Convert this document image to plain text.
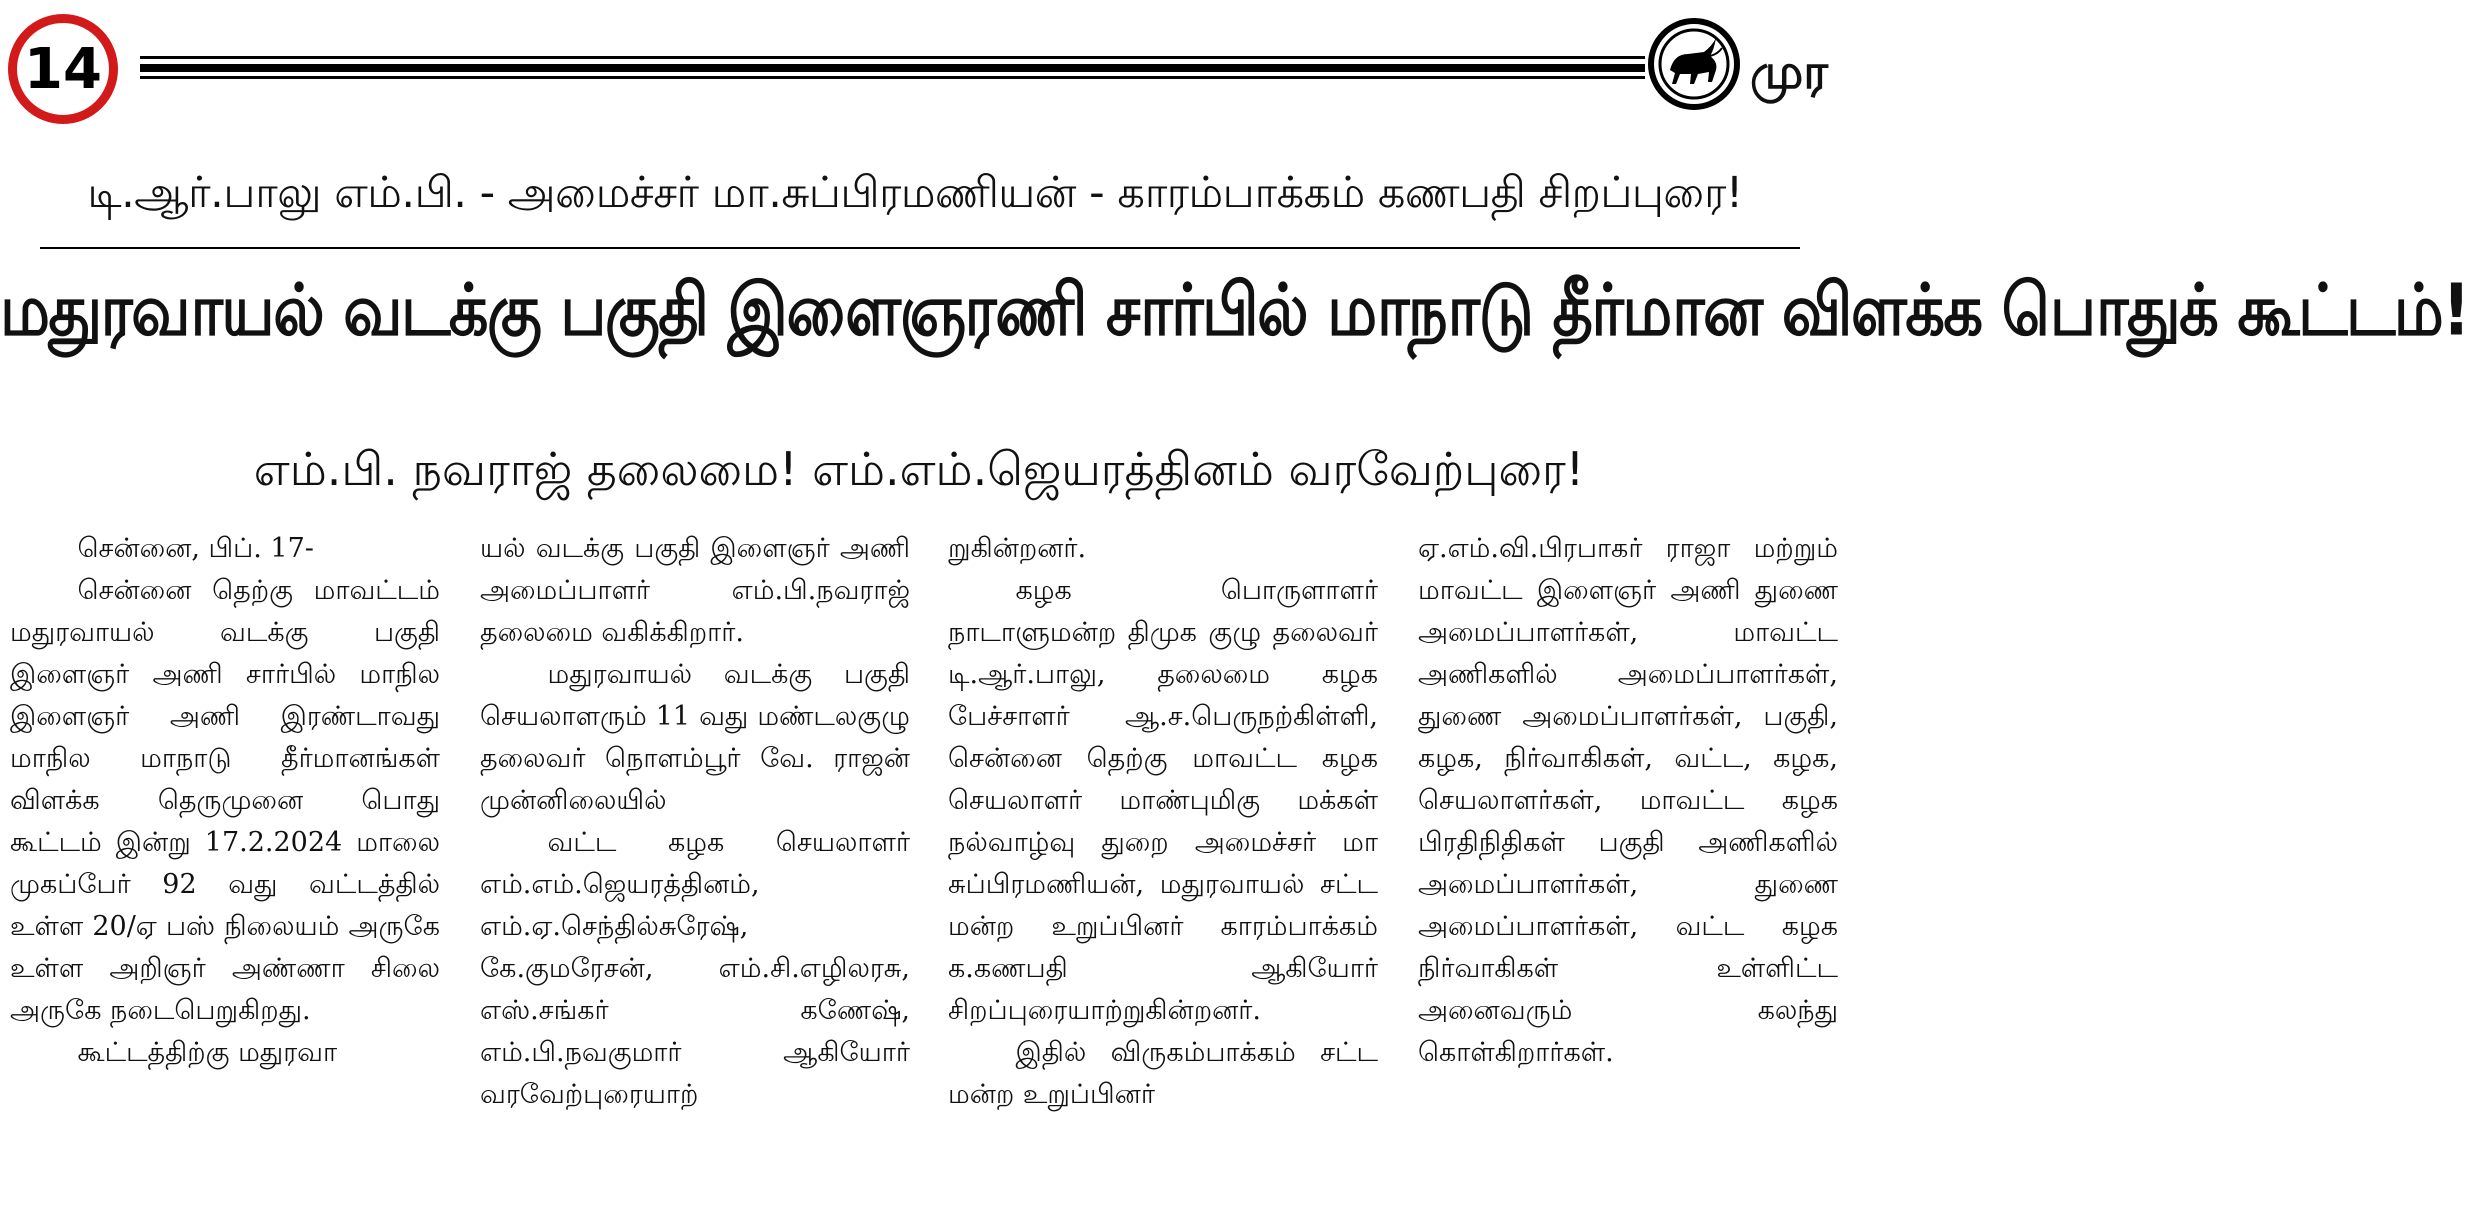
14	முர
டி.ஆர்.பாலு எம்.பி. - அமைச்சர் மா.சுப்பிரமணியன் - காரம்பாக்கம் கணபதி சிறப்புரை!
மதுரவாயல் வடக்கு பகுதி இளைஞரணி சார்பில் மாநாடு தீர்மான விளக்க பொதுக் கூட்டம்!
எம்.பி. நவராஜ் தலைமை! எம்.எம்.ஜெயரத்தினம் வரவேற்புரை!

சென்னை, பிப். 17-

சென்னை தெற்கு மாவட்டம் மதுரவாயல் வடக்கு பகுதி இளைஞர் அணி சார்பில் மாநில இளைஞர் அணி இரண்டாவது மாநில மாநாடு தீர்மானங்கள் விளக்க தெருமுனை பொது கூட்டம் இன்று 17.2.2024 மாலை முகப்பேர் 92 வது வட்டத்தில் உள்ள 20/ஏ பஸ் நிலையம் அருகே உள்ள அறிஞர் அண்ணா சிலை அருகே நடைபெறுகிறது.

கூட்டத்திற்கு மதுரவா

யல் வடக்கு பகுதி இளைஞர் அணி அமைப்பாளர் எம்.பி.நவராஜ் தலைமை வகிக்கிறார்.

மதுரவாயல் வடக்கு பகுதி செயலாளரும் 11 வது மண்டலகுழு தலைவர் நொளம்பூர் வே. ராஜன் முன்னிலையில்

வட்ட கழக செயலாளர் எம்.எம்.ஜெயரத்தினம், எம்.ஏ.செந்தில்சுரேஷ், கே.குமரேசன், எம்.சி.எழிலரசு, எஸ்.சங்கர் கணேஷ், எம்.பி.நவகுமார் ஆகியோர் வரவேற்புரையாற்

றுகின்றனர்.

கழக பொருளாளர் நாடாளுமன்ற திமுக குழு தலைவர் டி.ஆர்.பாலு, தலைமை கழக பேச்சாளர் ஆ.ச.பெருநற்கிள்ளி, சென்னை தெற்கு மாவட்ட கழக செயலாளர் மாண்புமிகு மக்கள் நல்வாழ்வு துறை அமைச்சர் மா சுப்பிரமணியன், மதுரவாயல் சட்ட மன்ற உறுப்பினர் காரம்பாக்கம் க.கணபதி ஆகியோர் சிறப்புரையாற்றுகின்றனர்.

இதில் விருகம்பாக்கம் சட்ட மன்ற உறுப்பினர்

ஏ.எம்.வி.பிரபாகர் ராஜா மற்றும் மாவட்ட இளைஞர் அணி துணை அமைப்பாளர்கள், மாவட்ட அணிகளில் அமைப்பாளர்கள், துணை அமைப்பாளர்கள், பகுதி, கழக, நிர்வாகிகள், வட்ட, கழக, செயலாளர்கள், மாவட்ட கழக பிரதிநிதிகள் பகுதி அணிகளில் அமைப்பாளர்கள், துணை அமைப்பாளர்கள், வட்ட கழக நிர்வாகிகள் உள்ளிட்ட அனைவரும் கலந்து கொள்கிறார்கள்.
